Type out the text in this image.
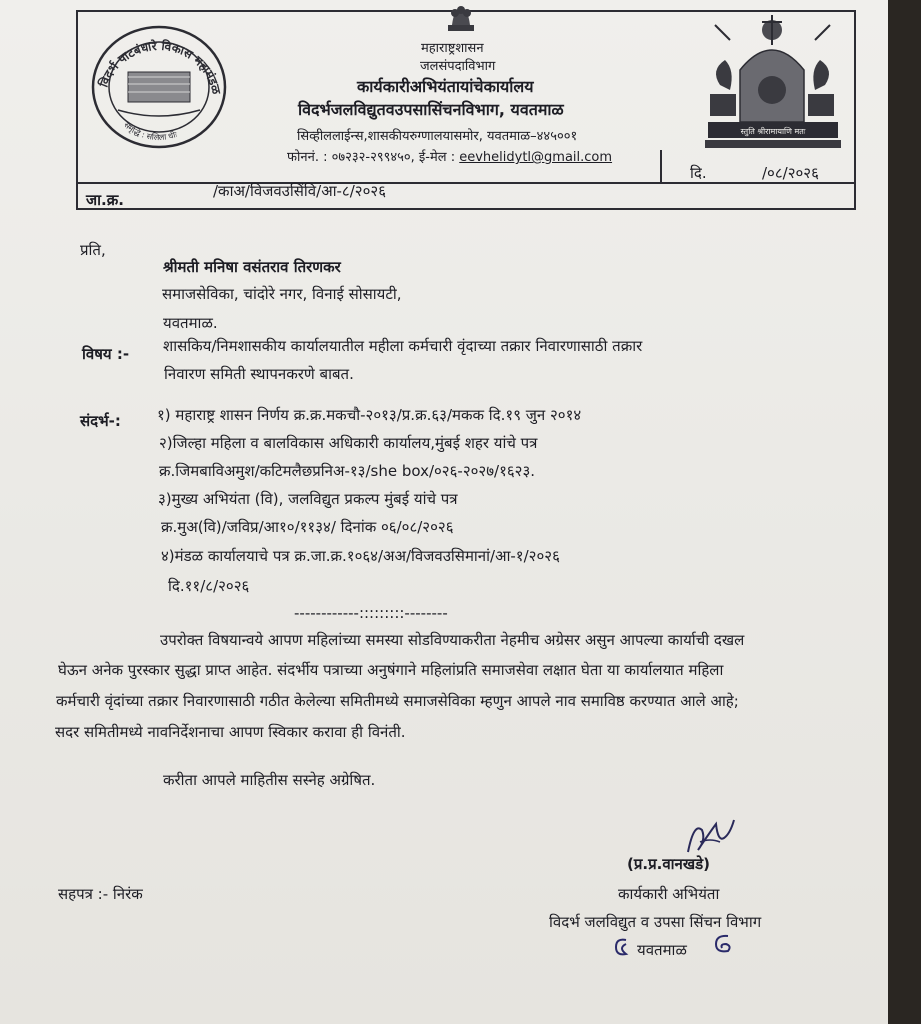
विदर्भ पाटबंधारे विकास महामंडळ
समृद्धि : सलिला धीः	स्तुति श्रीरामायाणि मतः
महाराष्ट्रशासन
जलसंपदाविभाग
कार्यकारीअभियंतायांचेकार्यालय
विदर्भजलविद्युतवउपसासिंचनविभाग, यवतमाळ
सिव्हीललाईन्स,शासकीयरुग्णालयासमोर, यवतमाळ–४४५००१
फोननं. : ०७२३२-२९९४५०, ई-मेल : eevhelidytl@gmail.com
जा.क्र.	/काअ/विजवउसिंवि/आ-८/२०२६
दि.	/०८/२०२६
प्रति,
श्रीमती मनिषा वसंतराव तिरणकर
समाजसेविका, चांदोरे नगर, विनाई सोसायटी,
यवतमाळ.
विषय :- शासकिय/निमशासकीय कार्यालयातील महीला कर्मचारी वृंदाच्या तक्रार निवारणासाठी तक्रार
निवारण समिती स्थापनकरणे बाबत.
संदर्भ-: १) महाराष्ट्र शासन निर्णय क्र.क्र.मकचौ-२०१३/प्र.क्र.६३/मकक दि.१९ जुन २०१४
२)जिल्हा महिला व बालविकास अधिकारी कार्यालय,मुंबई शहर यांचे पत्र
क्र.जिमबाविअमुश/कटिमलैछप्रनिअ-१३/she box/०२६-२०२७/१६२३.
३)मुख्य अभियंता (वि), जलविद्युत प्रकल्प मुंबई यांचे पत्र
क्र.मुअ(वि)/जविप्र/आ१०/११३४/ दिनांक ०६/०८/२०२६
४)मंडळ कार्यालयाचे पत्र क्र.जा.क्र.१०६४/अअ/विजवउसिमानां/आ-१/२०२६
दि.११/८/२०२६
------------:::::::::--------
उपरोक्त विषयान्वये आपण महिलांच्या समस्या सोडविण्याकरीता नेहमीच अग्रेसर असुन आपल्या कार्याची दखल
घेऊन अनेक पुरस्कार सुद्धा प्राप्त आहेत. संदर्भीय पत्राच्या अनुषंगाने महिलांप्रति समाजसेवा लक्षात घेता या कार्यालयात महिला
कर्मचारी वृंदांच्या तक्रार निवारणासाठी गठीत केलेल्या समितीमध्ये समाजसेविका म्हणुन आपले नाव समाविष्ठ करण्यात आले आहे;
सदर समितीमध्ये नावनिर्देशनाचा आपण स्विकार करावा ही विनंती.
करीता आपले माहितीस सस्नेह अग्रेषित.
(प्र.प्र.वानखडे)
कार्यकारी अभियंता
विदर्भ जलविद्युत व उपसा सिंचन विभाग
यवतमाळ
सहपत्र :- निरंक
